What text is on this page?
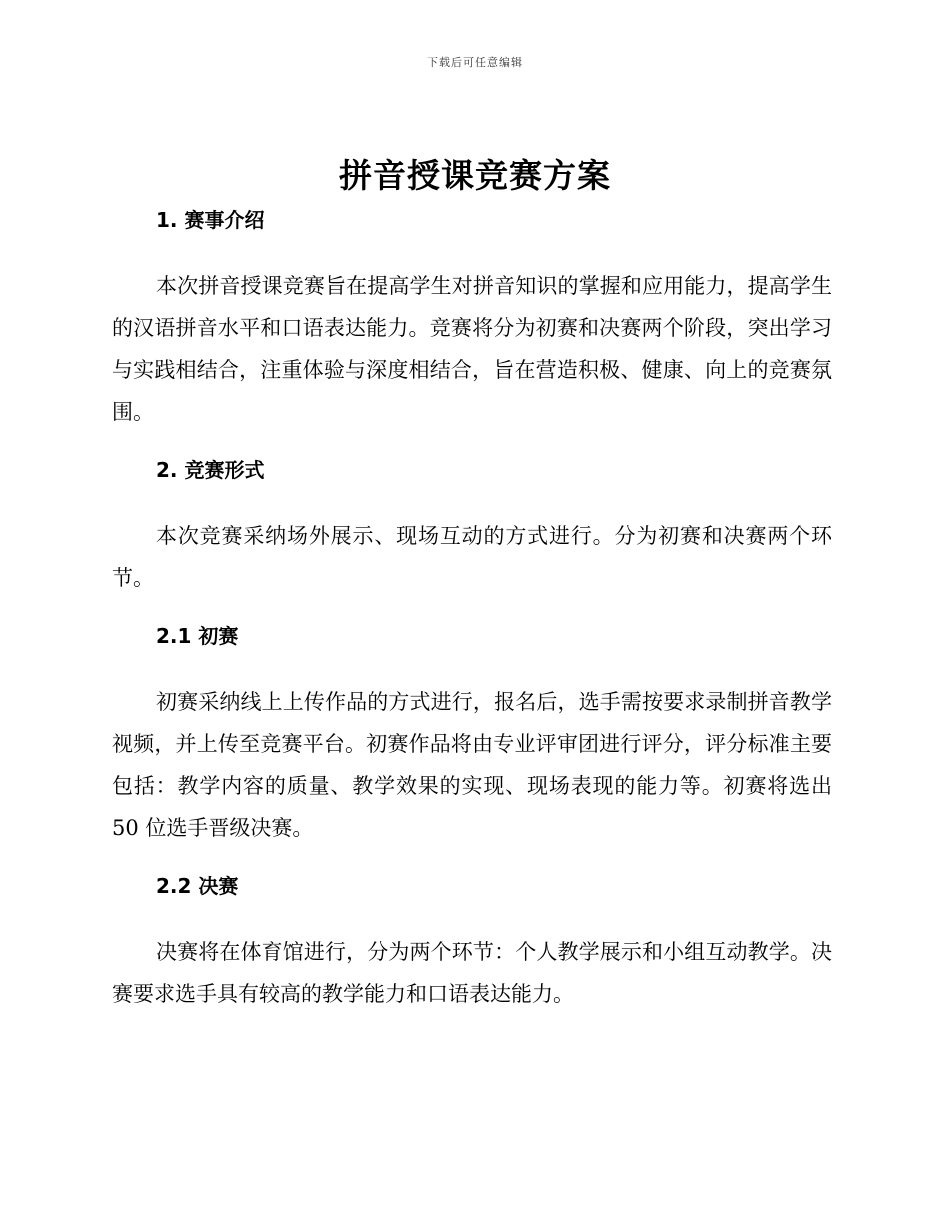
下载后可任意编辑
拼音授课竞赛方案
1. 赛事介绍

本次拼音授课竞赛旨在提高学生对拼音知识的掌握和应用能力，提高学生的汉语拼音水平和口语表达能力。竞赛将分为初赛和决赛两个阶段，突出学习与实践相结合，注重体验与深度相结合，旨在营造积极、健康、向上的竞赛氛围。

2. 竞赛形式

本次竞赛采纳场外展示、现场互动的方式进行。分为初赛和决赛两个环节。

2.1 初赛

初赛采纳线上上传作品的方式进行，报名后，选手需按要求录制拼音教学视频，并上传至竞赛平台。初赛作品将由专业评审团进行评分，评分标准主要包括：教学内容的质量、教学效果的实现、现场表现的能力等。初赛将选出 50 位选手晋级决赛。

2.2 决赛

决赛将在体育馆进行，分为两个环节：个人教学展示和小组互动教学。决赛要求选手具有较高的教学能力和口语表达能力。
